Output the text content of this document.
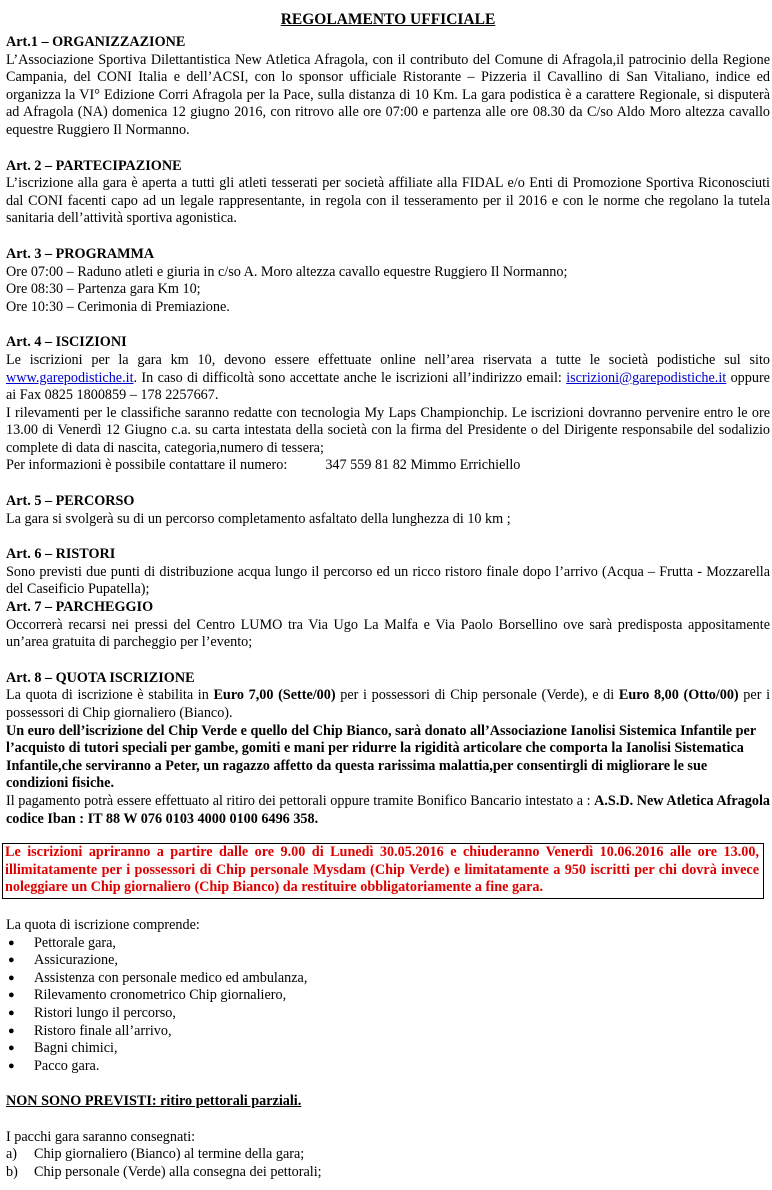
REGOLAMENTO UFFICIALE
Art.1 – ORGANIZZAZIONE
L’Associazione Sportiva Dilettantistica New Atletica Afragola, con il contributo del Comune di Afragola,il patrocinio della Regione Campania, del CONI Italia e dell’ACSI, con lo sponsor ufficiale Ristorante – Pizzeria il Cavallino di San Vitaliano, indice ed organizza la VI° Edizione Corri Afragola per la Pace, sulla distanza di 10 Km. La gara podistica è a carattere Regionale, si disputerà ad Afragola (NA) domenica 12 giugno 2016, con ritrovo alle ore 07:00 e partenza alle ore 08.30 da C/so Aldo Moro altezza cavallo equestre Ruggiero Il Normanno.
Art. 2 – PARTECIPAZIONE
L’iscrizione alla gara è aperta a tutti gli atleti tesserati per società affiliate alla FIDAL e/o Enti di Promozione Sportiva Riconosciuti dal CONI facenti capo ad un legale rappresentante, in regola con il tesseramento per il 2016 e con le norme che regolano la tutela sanitaria dell’attività sportiva agonistica.
Art. 3 – PROGRAMMA
Ore 07:00 – Raduno atleti e giuria in c/so A. Moro altezza cavallo equestre Ruggiero Il Normanno;
Ore 08:30 – Partenza gara Km 10;
Ore 10:30 – Cerimonia di Premiazione.
Art. 4 – ISCIZIONI
Le iscrizioni per la gara km 10, devono essere effettuate online nell’area riservata a tutte le società podistiche sul sito www.garepodistiche.it. In caso di difficoltà sono accettate anche le iscrizioni all’indirizzo email: iscrizioni@garepodistiche.it oppure ai Fax 0825 1800859 – 178 2257667.
I rilevamenti per le classifiche saranno redatte con tecnologia My Laps Championchip. Le iscrizioni dovranno pervenire entro le ore 13.00 di Venerdì 12 Giugno c.a. su carta intestata della società con la firma del Presidente o del Dirigente responsabile del sodalizio complete di data di nascita, categoria,numero di tessera;
Per informazioni è possibile contattare il numero:	347 559 81 82 Mimmo Errichiello
Art. 5 – PERCORSO
La gara si svolgerà su di un percorso completamento asfaltato della lunghezza di 10 km ;
Art. 6 – RISTORI
Sono previsti due punti di distribuzione acqua lungo il percorso ed un ricco ristoro finale dopo l’arrivo (Acqua – Frutta - Mozzarella del Caseificio Pupatella);
Art. 7 – PARCHEGGIO
Occorrerà recarsi nei pressi del Centro LUMO tra Via Ugo La Malfa e Via Paolo Borsellino ove sarà predisposta appositamente un’area gratuita di parcheggio per l’evento;
Art. 8 – QUOTA ISCRIZIONE
La quota di iscrizione è stabilita in Euro 7,00 (Sette/00) per i possessori di Chip personale (Verde), e di Euro 8,00 (Otto/00) per i possessori di Chip giornaliero (Bianco).
Un euro dell’iscrizione del Chip Verde e quello del Chip Bianco, sarà donato all’Associazione Ianolisi Sistemica Infantile per l’acquisto di tutori speciali per gambe, gomiti e mani per ridurre la rigidità articolare che comporta la Ianolisi Sistematica Infantile,che serviranno a Peter, un ragazzo affetto da questa rarissima malattia,per consentirgli di migliorare le sue condizioni fisiche.
Il pagamento potrà essere effettuato al ritiro dei pettorali oppure tramite Bonifico Bancario intestato a : A.S.D. New Atletica Afragola codice Iban : IT 88 W 076 0103 4000 0100 6496 358.
Le iscrizioni apriranno a partire dalle ore 9.00 di Lunedì 30.05.2016 e chiuderanno Venerdì 10.06.2016 alle ore 13.00, illimitatamente per i possessori di Chip personale Mysdam (Chip Verde) e limitatamente a 950 iscritti per chi dovrà invece noleggiare un Chip giornaliero (Chip Bianco) da restituire obbligatoriamente a fine gara.
La quota di iscrizione comprende:
● Pettorale gara,
● Assicurazione,
● Assistenza con personale medico ed ambulanza,
● Rilevamento cronometrico Chip giornaliero,
● Ristori lungo il percorso,
● Ristoro finale all’arrivo,
● Bagni chimici,
● Pacco gara.
NON SONO PREVISTI: ritiro pettorali parziali.
I pacchi gara saranno consegnati:
a) Chip giornaliero (Bianco) al termine della gara;
b) Chip personale (Verde) alla consegna dei pettorali;
